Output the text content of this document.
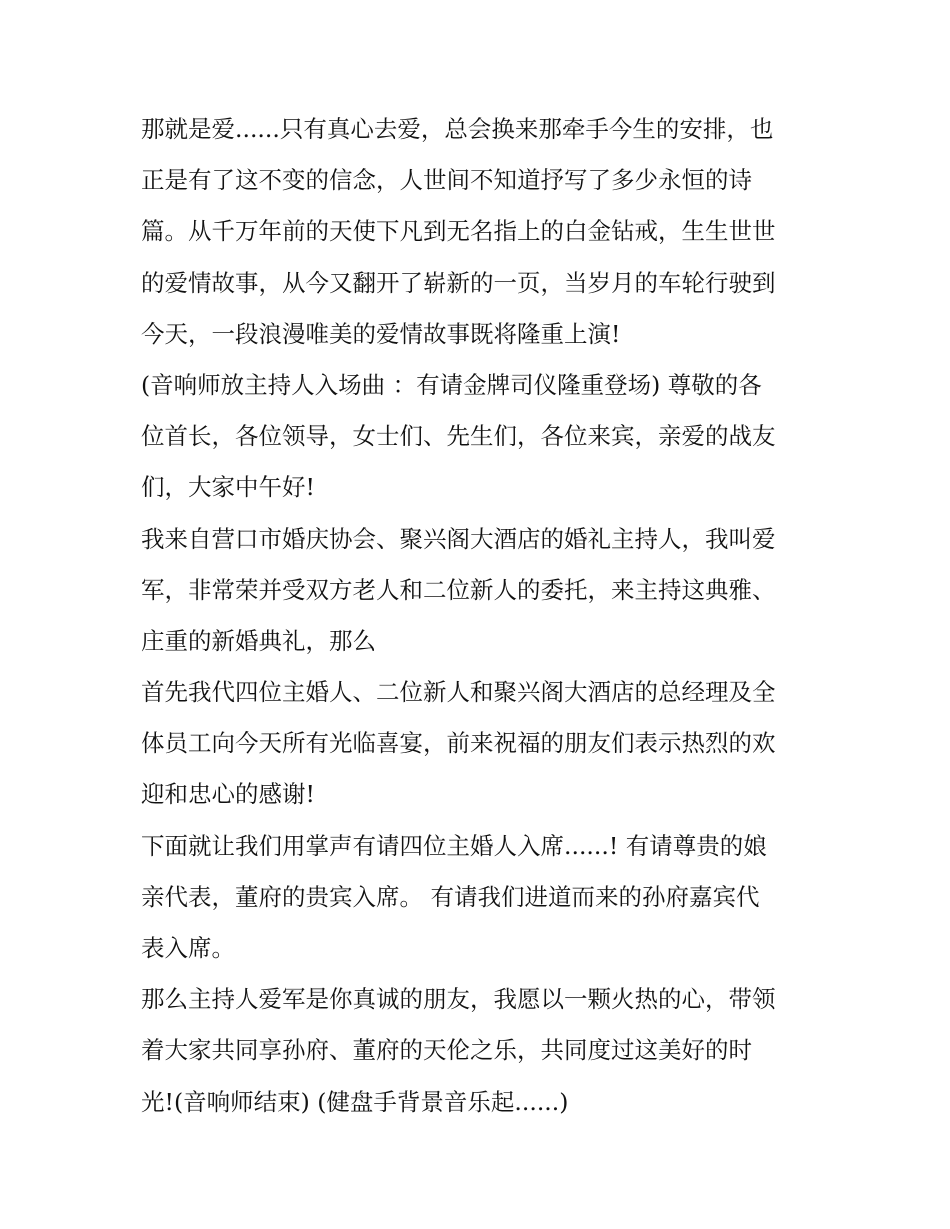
那就是爱......只有真心去爱，总会换来那牵手今生的安排，也
正是有了这不变的信念，人世间不知道抒写了多少永恒的诗
篇。从千万年前的天使下凡到无名指上的白金钻戒，生生世世
的爱情故事，从今又翻开了崭新的一页，当岁月的车轮行驶到
今天，一段浪漫唯美的爱情故事既将隆重上演!
(音响师放主持人入场曲 ：有请金牌司仪隆重登场) 尊敬的各
位首长，各位领导，女士们、先生们，各位来宾，亲爱的战友
们，大家中午好!
我来自营口市婚庆协会、聚兴阁大酒店的婚礼主持人，我叫爱
军，非常荣并受双方老人和二位新人的委托，来主持这典雅、
庄重的新婚典礼，那么
首先我代四位主婚人、二位新人和聚兴阁大酒店的总经理及全
体员工向今天所有光临喜宴，前来祝福的朋友们表示热烈的欢
迎和忠心的感谢!
下面就让我们用掌声有请四位主婚人入席......! 有请尊贵的娘
亲代表，董府的贵宾入席。 有请我们进道而来的孙府嘉宾代
表入席。
那么主持人爱军是你真诚的朋友，我愿以一颗火热的心，带领
着大家共同享孙府、董府的天伦之乐，共同度过这美好的时
光!(音响师结束) (健盘手背景音乐起......)
